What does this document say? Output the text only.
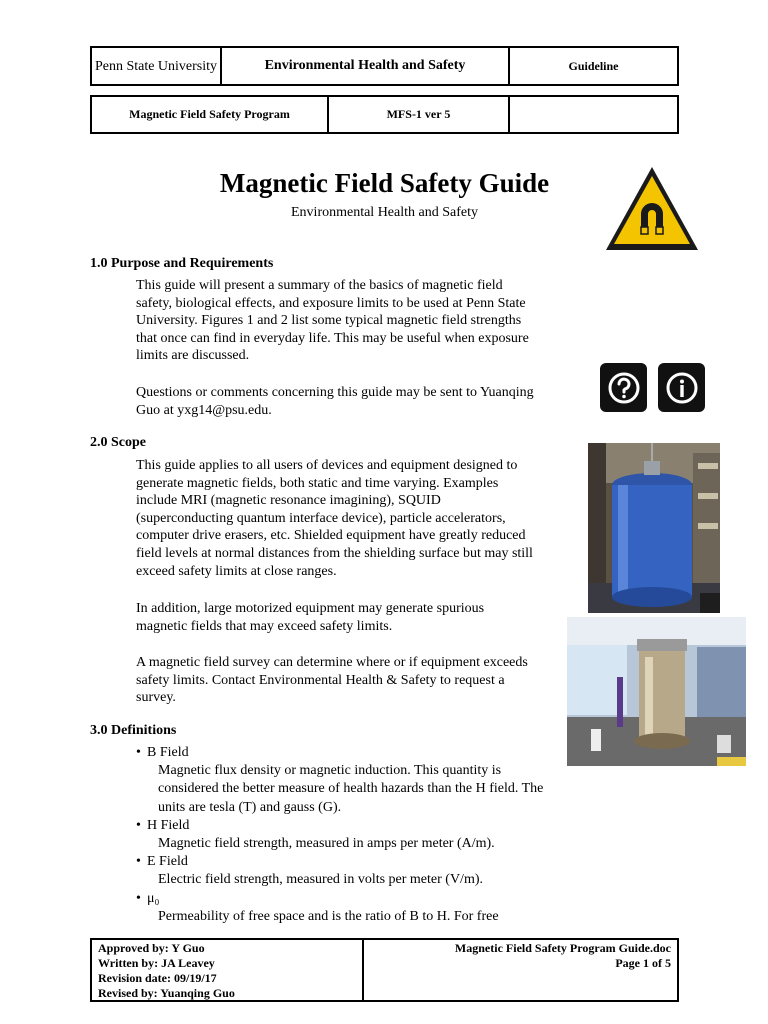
Penn State University	Environmental Health and Safety	Guideline
Magnetic Field Safety Program	MFS-1 ver 5
Magnetic Field Safety Guide
Environmental Health and Safety
1.0 Purpose and Requirements
This guide will present a summary of the basics of magnetic field safety, biological effects, and exposure limits to be used at Penn State University. Figures 1 and 2 list some typical magnetic field strengths that once can find in everyday life. This may be useful when exposure limits are discussed.
Questions or comments concerning this guide may be sent to Yuanqing Guo at yxg14@psu.edu.
2.0 Scope
This guide applies to all users of devices and equipment designed to generate magnetic fields, both static and time varying. Examples include MRI (magnetic resonance imagining), SQUID (superconducting quantum interface device), particle accelerators, computer drive erasers, etc. Shielded equipment have greatly reduced field levels at normal distances from the shielding surface but may still exceed safety limits at close ranges.
In addition, large motorized equipment may generate spurious magnetic fields that may exceed safety limits.
A magnetic field survey can determine where or if equipment exceeds safety limits. Contact Environmental Health & Safety to request a survey.
3.0 Definitions
• B Field
Magnetic flux density or magnetic induction. This quantity is considered the better measure of health hazards than the H field. The units are tesla (T) and gauss (G).
• H Field
Magnetic field strength, measured in amps per meter (A/m).
• E Field
Electric field strength, measured in volts per meter (V/m).
• μ₀
Permeability of free space and is the ratio of B to H. For free
Approved by: Y Guo
Written by: JA Leavey
Revision date: 09/19/17
Revised by: Yuanqing Guo
Magnetic Field Safety Program Guide.doc
Page 1 of 5
